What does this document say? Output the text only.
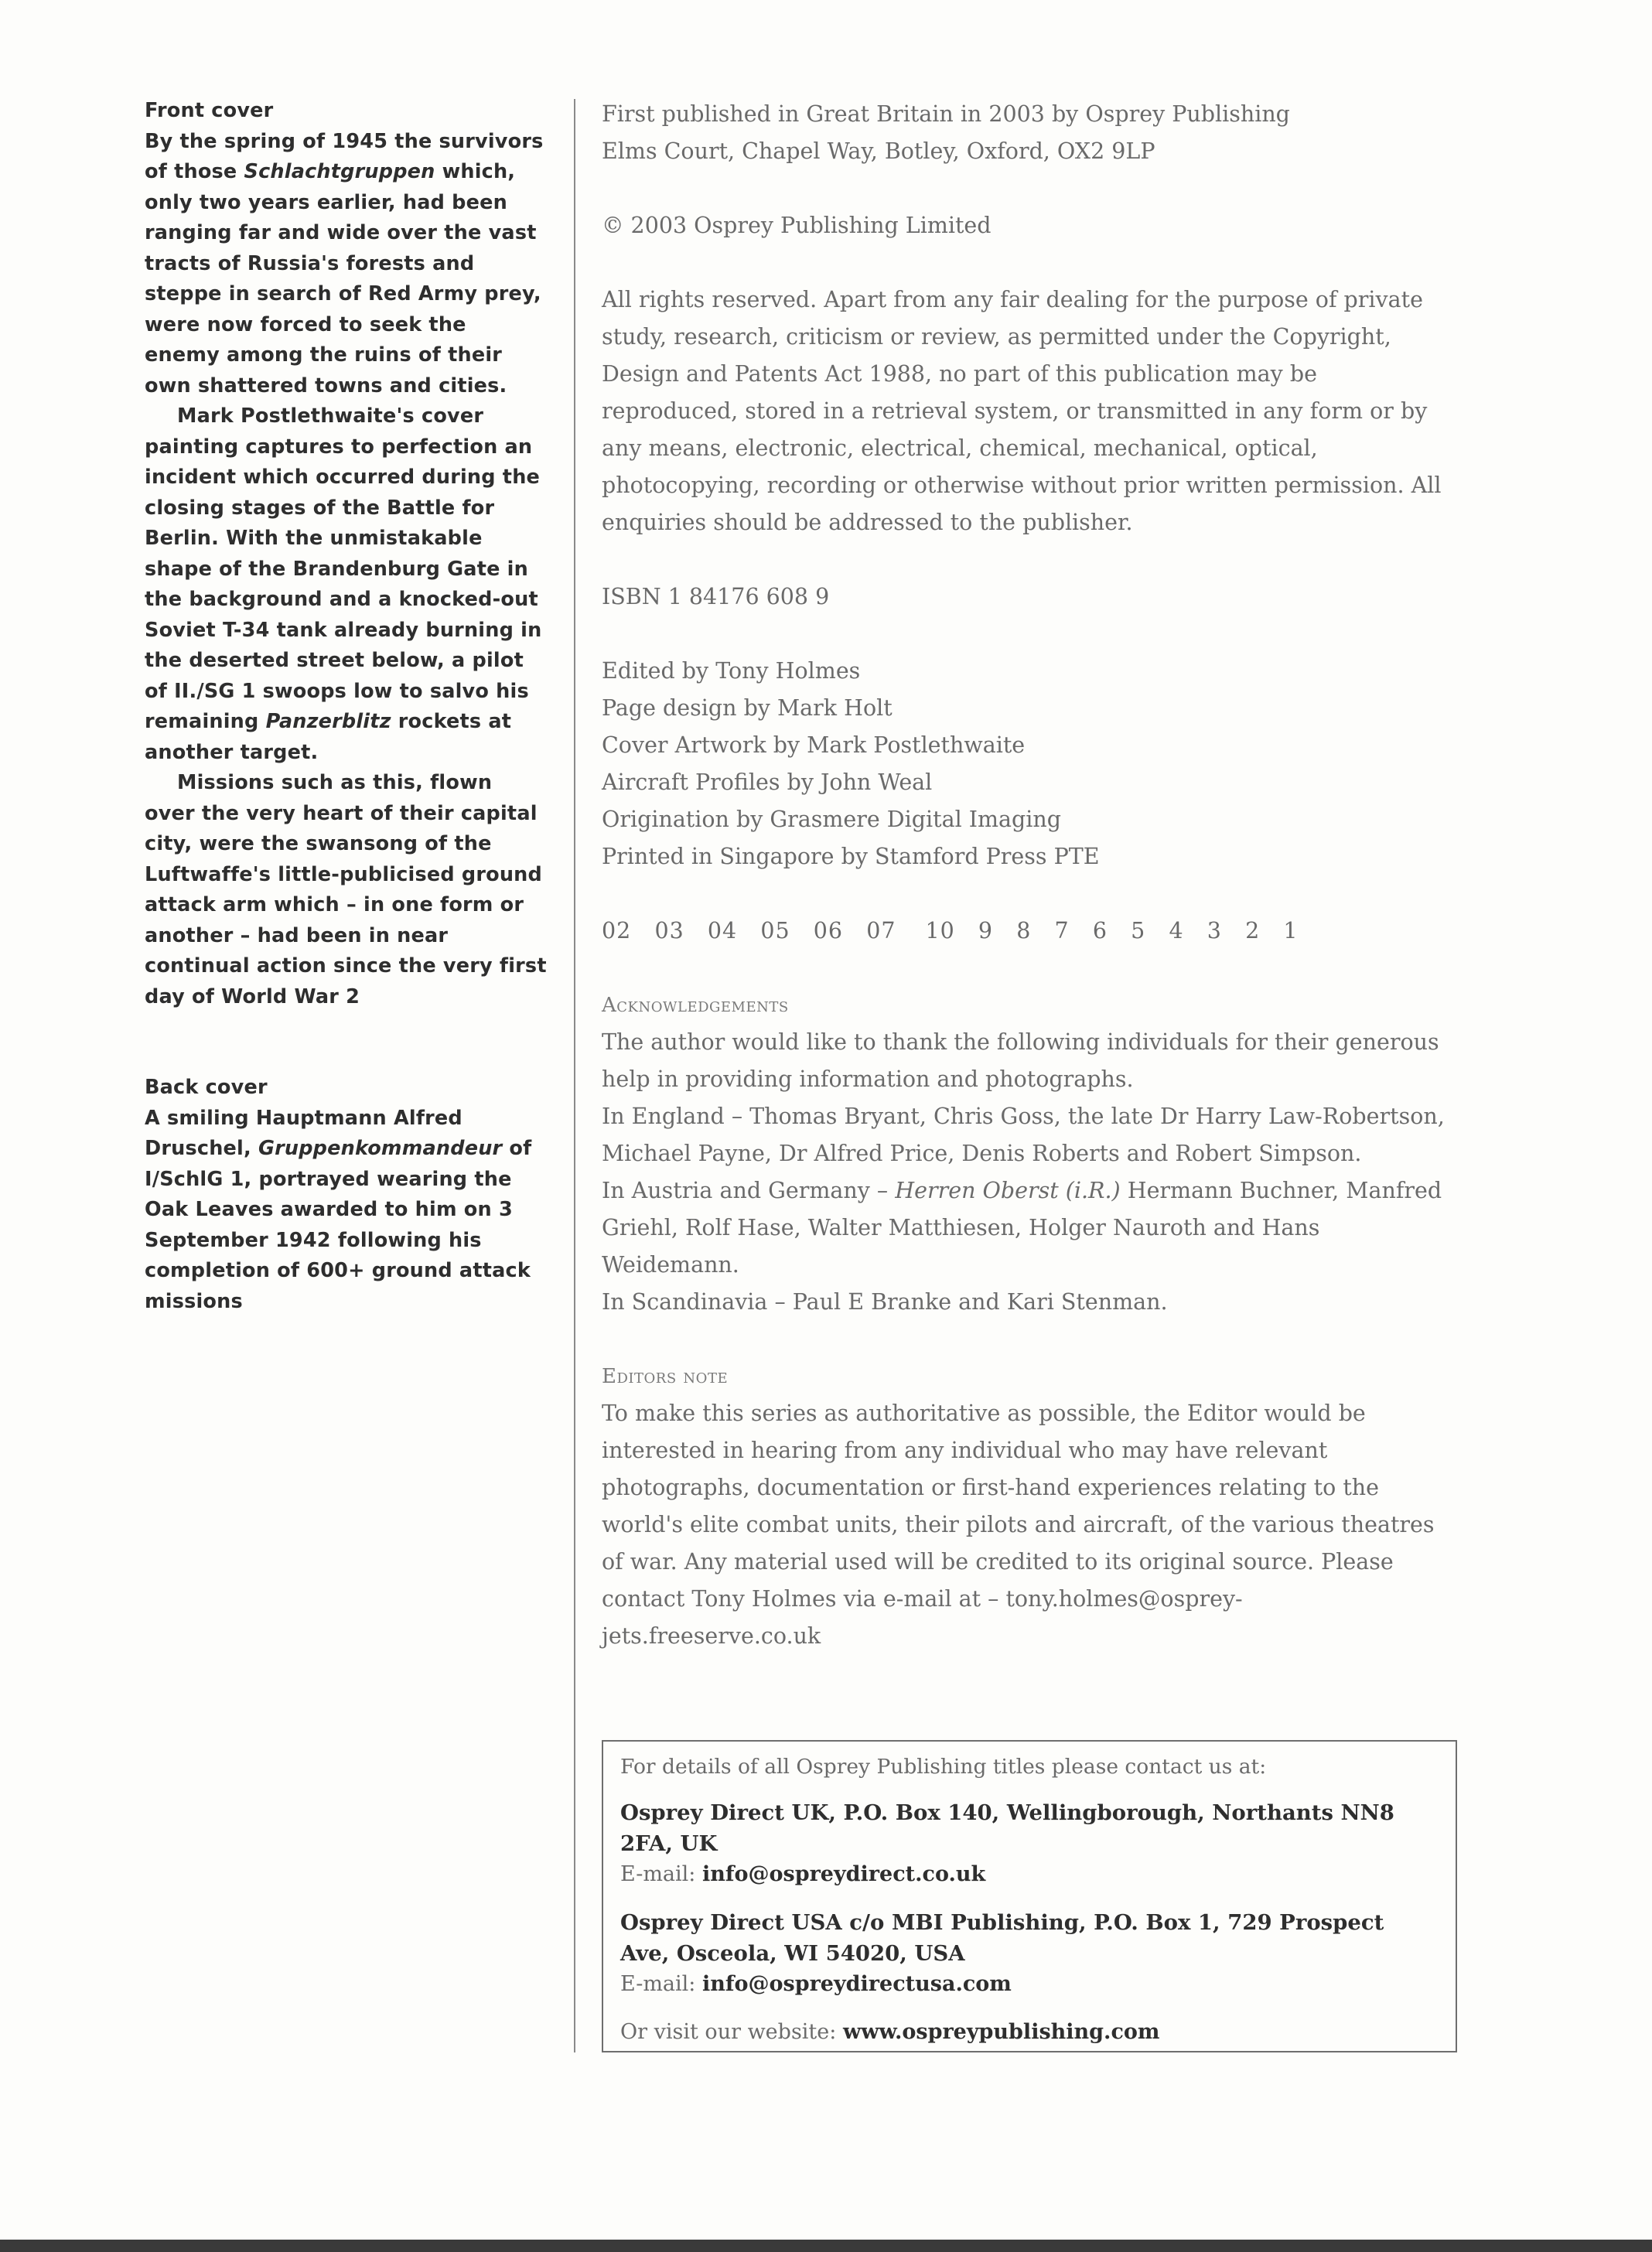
Front cover

By the spring of 1945 the survivors of those Schlachtgruppen which, only two years earlier, had been ranging far and wide over the vast tracts of Russia's forests and steppe in search of Red Army prey, were now forced to seek the enemy among the ruins of their own shattered towns and cities.

Mark Postlethwaite's cover painting captures to perfection an incident which occurred during the closing stages of the Battle for Berlin. With the unmistakable shape of the Brandenburg Gate in the background and a knocked-out Soviet T-34 tank already burning in the deserted street below, a pilot of II./SG 1 swoops low to salvo his remaining Panzerblitz rockets at another target.

Missions such as this, flown over the very heart of their capital city, were the swansong of the Luftwaffe's little-publicised ground attack arm which – in one form or another – had been in near continual action since the very first day of World War 2

Back cover

A smiling Hauptmann Alfred Druschel, Gruppenkommandeur of I/SchlG 1, portrayed wearing the Oak Leaves awarded to him on 3 September 1942 following his completion of 600+ ground attack missions

First published in Great Britain in 2003 by Osprey Publishing

Elms Court, Chapel Way, Botley, Oxford, OX2 9LP

© 2003 Osprey Publishing Limited

All rights reserved. Apart from any fair dealing for the purpose of private study, research, criticism or review, as permitted under the Copyright, Design and Patents Act 1988, no part of this publication may be reproduced, stored in a retrieval system, or transmitted in any form or by any means, electronic, electrical, chemical, mechanical, optical, photocopying, recording or otherwise without prior written permission. All enquiries should be addressed to the publisher.

ISBN 1 84176 608 9

Edited by Tony Holmes

Page design by Mark Holt

Cover Artwork by Mark Postlethwaite

Aircraft Profiles by John Weal

Origination by Grasmere Digital Imaging

Printed in Singapore by Stamford Press PTE

02   03   04   05   06   07 10   9   8   7   6   5   4   3   2   1

Acknowledgements

The author would like to thank the following individuals for their generous help in providing information and photographs.

In England – Thomas Bryant, Chris Goss, the late Dr Harry Law-Robertson, Michael Payne, Dr Alfred Price, Denis Roberts and Robert Simpson.

In Austria and Germany – Herren Oberst (i.R.) Hermann Buchner, Manfred Griehl, Rolf Hase, Walter Matthiesen, Holger Nauroth and Hans Weidemann.

In Scandinavia – Paul E Branke and Kari Stenman.

Editors note

To make this series as authoritative as possible, the Editor would be interested in hearing from any individual who may have relevant photographs, documentation or first-hand experiences relating to the world's elite combat units, their pilots and aircraft, of the various theatres of war. Any material used will be credited to its original source. Please contact Tony Holmes via e-mail at – tony.holmes@osprey-jets.freeserve.co.uk

For details of all Osprey Publishing titles please contact us at:

Osprey Direct UK, P.O. Box 140, Wellingborough, Northants NN8 2FA, UK

E-mail: info@ospreydirect.co.uk

Osprey Direct USA c/o MBI Publishing, P.O. Box 1, 729 Prospect Ave, Osceola, WI 54020, USA

E-mail: info@ospreydirectusa.com

Or visit our website: www.ospreypublishing.com
